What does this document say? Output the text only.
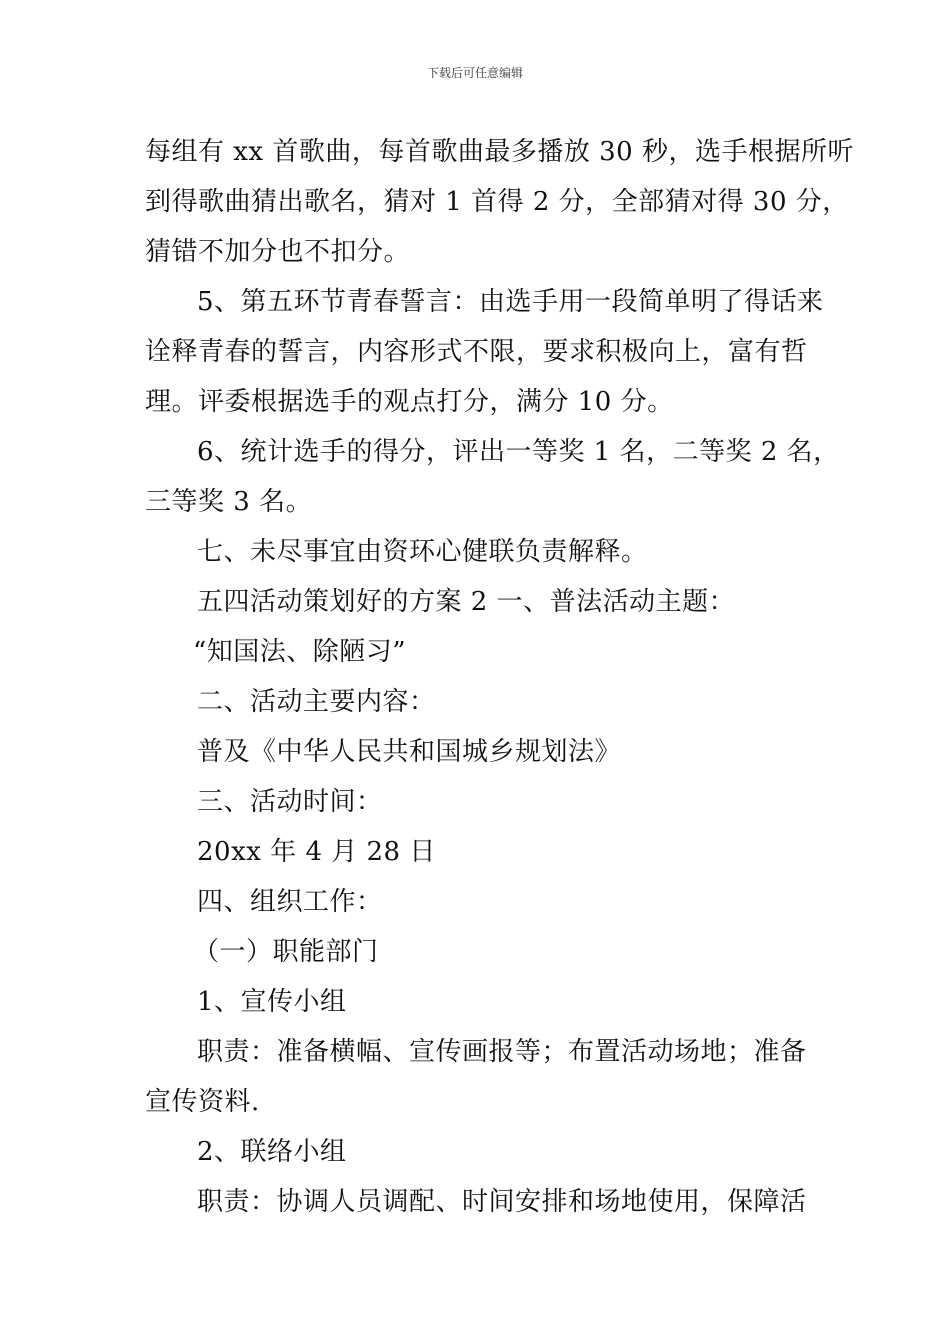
下载后可任意编辑
每组有 xx 首歌曲，每首歌曲最多播放 30 秒，选手根据所听
到得歌曲猜出歌名，猜对 1 首得 2 分，全部猜对得 30 分，
猜错不加分也不扣分。
5、第五环节青春誓言：由选手用一段简单明了得话来
诠释青春的誓言，内容形式不限，要求积极向上，富有哲
理。评委根据选手的观点打分，满分 10 分。
6、统计选手的得分，评出一等奖 1 名，二等奖 2 名，
三等奖 3 名。
七、未尽事宜由资环心健联负责解释。
五四活动策划好的方案 2 一、普法活动主题：
“知国法、除陋习”
二、活动主要内容：
普及《中华人民共和国城乡规划法》
三、活动时间：
20xx 年 4 月 28 日
四、组织工作：
（一）职能部门
1、宣传小组
职责：准备横幅、宣传画报等；布置活动场地；准备
宣传资料.
2、联络小组
职责：协调人员调配、时间安排和场地使用，保障活
